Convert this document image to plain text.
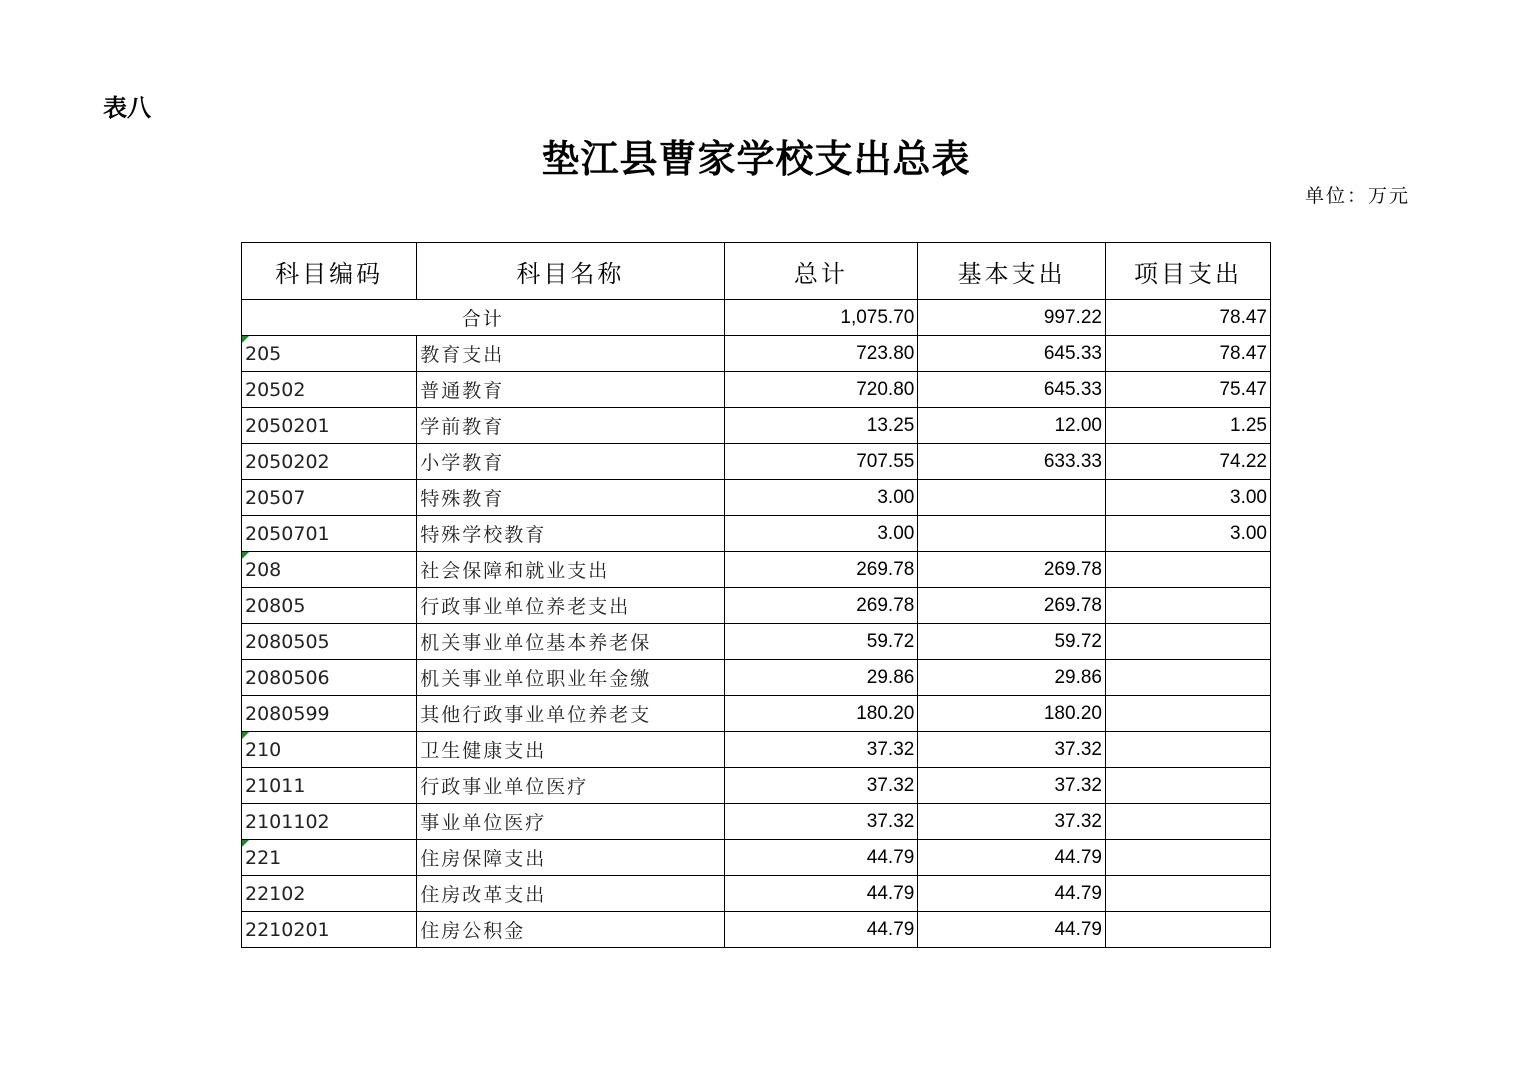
表八
垫江县曹家学校支出总表
单位：万元
科目编码	科目名称	总计	基本支出	项目支出
合计		1,075.70	997.22	78.47

205	教育支出	723.80	645.33	78.47
20502	普通教育	720.80	645.33	75.47
2050201	学前教育	13.25	12.00	1.25
2050202	小学教育	707.55	633.33	74.22
20507	特殊教育	3.00		3.00
2050701	特殊学校教育	3.00		3.00

208	社会保障和就业支出	269.78	269.78	
20805	行政事业单位养老支出	269.78	269.78	
2080505	机关事业单位基本养老保	59.72	59.72	
2080506	机关事业单位职业年金缴	29.86	29.86	
2080599	其他行政事业单位养老支	180.20	180.20	

210	卫生健康支出	37.32	37.32	
21011	行政事业单位医疗	37.32	37.32	
2101102	事业单位医疗	37.32	37.32	

221	住房保障支出	44.79	44.79	
22102	住房改革支出	44.79	44.79	
2210201	住房公积金	44.79	44.79	
